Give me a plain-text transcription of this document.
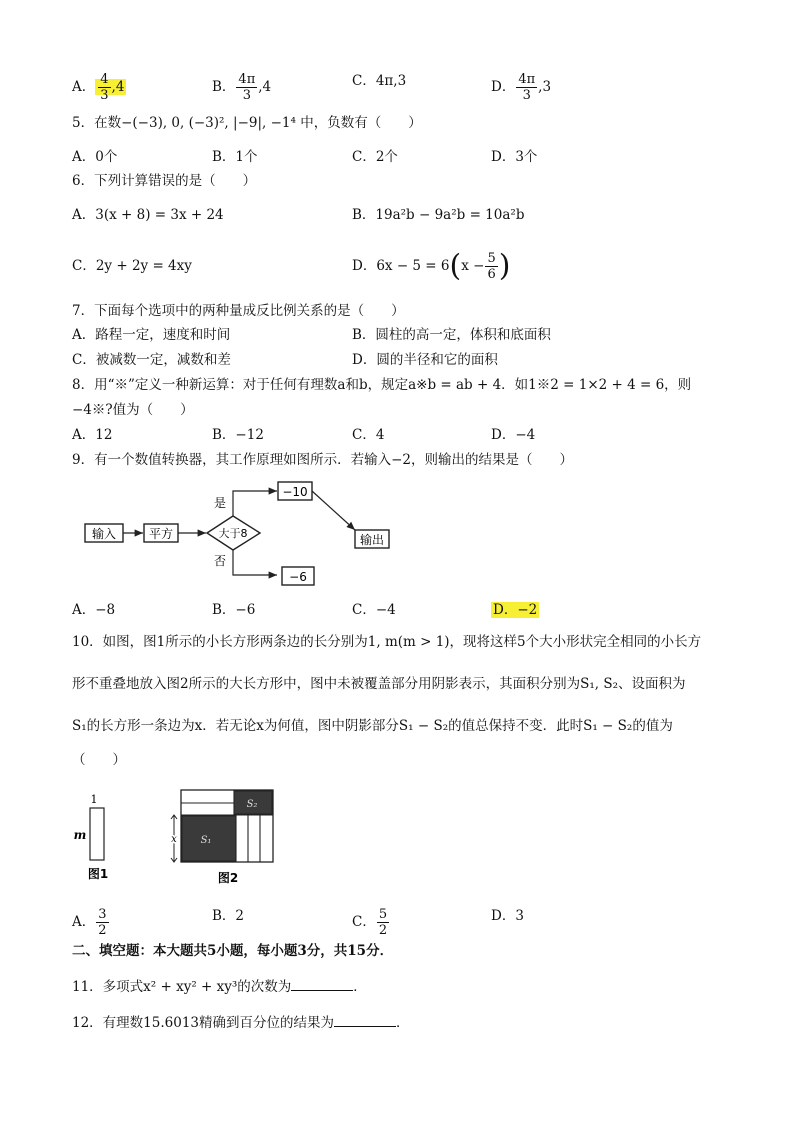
A． $\frac{4}{3} ,4$	B． $\frac{4\pi}{3} ,4$	C．4π,3	D． $\frac{4\pi}{3} ,3$
5．在数−(−3), 0, (−3)², |−9|, −1⁴ 中，负数有（　　）
A．0个	B．1个	C．2个	D．3个
6．下列计算错误的是（　　）
A．3(x + 8) = 3x + 24	B．19a²b − 9a²b = 10a²b
C．2y + 2y = 4xy	D．$6x - 5 = 6(x - \frac{5}{6}$ )
7．下面每个选项中的两种量成反比例关系的是（　　）
A．路程一定，速度和时间	B．圆柱的高一定，体积和底面积
C．被减数一定，减数和差	D．圆的半径和它的面积
8．用“※”定义一种新运算：对于任何有理数a和b，规定a※b = ab + 4．如1※2 = 1×2 + 4 = 6，则
−4※?值为（　　）
A．12	B．−12	C．4	D．−4
9．有一个数值转换器，其工作原理如图所示．若输入−2，则输出的结果是（　　）
输入	平方	大于8
是
−10
否
−6
输出
A．−8	B．−6	C．−4	D．−2
10．如图，图1所示的小长方形两条边的长分别为1, m(m > 1)，现将这样5个大小形状完全相同的小长方
形不重叠地放入图2所示的大长方形中，图中未被覆盖部分用阴影表示，其面积分别为S₁, S₂、设面积为
S₁的长方形一条边为x．若无论x为何值，图中阴影部分S₁ − S₂的值总保持不变．此时S₁ − S₂的值为
（　　）
1
m
图1
S₂
S₁
x
图2
A． $\frac{3}{2}$	B．2	C． $\frac{5}{2}$	D．3
二、填空题：本大题共5小题，每小题3分，共15分．
11．多项式x² + xy² + xy³的次数为	．
12．有理数15.6013精确到百分位的结果为	．
